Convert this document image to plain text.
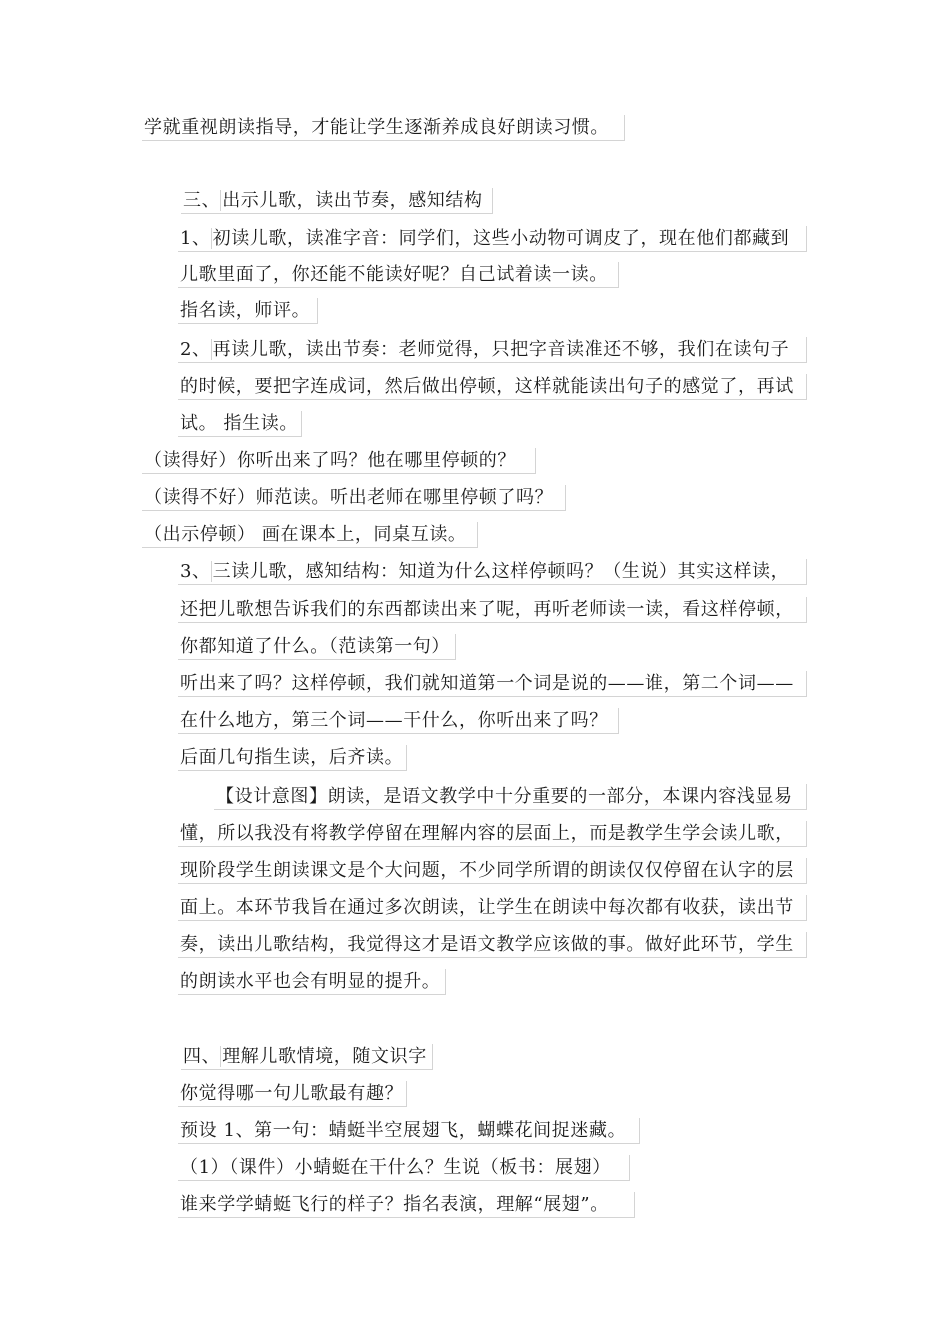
学就重视朗读指导，才能让学生逐渐养成良好朗读习惯。
三、 出示儿歌，读出节奏，感知结构
1、 初读儿歌，读准字音：同学们，这些小动物可调皮了，现在他们都藏到
儿歌里面了，你还能不能读好呢？自己试着读一读。
指名读，师评。
2、 再读儿歌，读出节奏：老师觉得，只把字音读准还不够，我们在读句子
的时候，要把字连成词，然后做出停顿，这样就能读出句子的感觉了，再试
试。 指生读。
（读得好）你听出来了吗？他在哪里停顿的？
（读得不好）师范读。听出老师在哪里停顿了吗？
（出示停顿） 画在课本上，同桌互读。
3、 三读儿歌，感知结构：知道为什么这样停顿吗？（生说）其实这样读，
还把儿歌想告诉我们的东西都读出来了呢，再听老师读一读，看这样停顿，
你都知道了什么。（范读第一句）
听出来了吗？这样停顿，我们就知道第一个词是说的——谁，第二个词——
在什么地方，第三个词——干什么，你听出来了吗？
后面几句指生读，后齐读。
【设计意图】朗读，是语文教学中十分重要的一部分，本课内容浅显易
懂，所以我没有将教学停留在理解内容的层面上，而是教学生学会读儿歌，
现阶段学生朗读课文是个大问题，不少同学所谓的朗读仅仅停留在认字的层
面上。本环节我旨在通过多次朗读，让学生在朗读中每次都有收获，读出节
奏，读出儿歌结构，我觉得这才是语文教学应该做的事。做好此环节，学生
的朗读水平也会有明显的提升。
四、 理解儿歌情境，随文识字
你觉得哪一句儿歌最有趣？
预设 1、第一句：蜻蜓半空展翅飞，蝴蝶花间捉迷藏。
（1）（课件）小蜻蜓在干什么？生说（板书：展翅）
谁来学学蜻蜓飞行的样子？指名表演，理解“展翅”。
